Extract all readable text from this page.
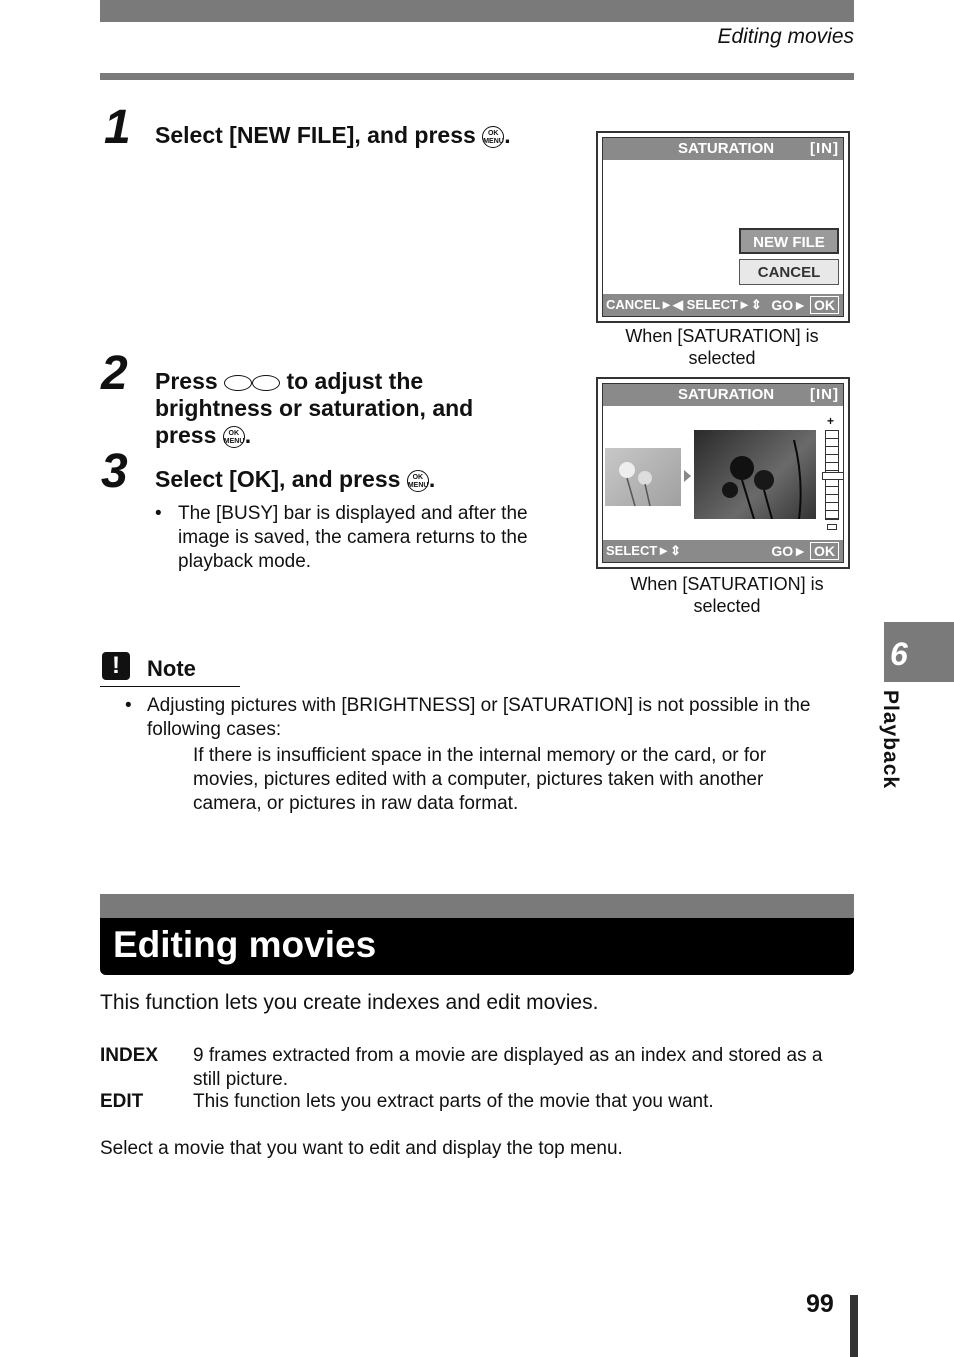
Editing movies
1 Select [NEW FILE], and press OK
MENU.
SATURATION [IN]
NEW FILE
CANCEL
CANCEL►◀ SELECT►⇕ GO► OK
When [SATURATION] is selected
2 Press	to adjust the
brightness or saturation, and
press OK
MENU.
3 Select [OK], and press OK
MENU.
• The [BUSY] bar is displayed and after the image is saved, the camera returns to the playback mode.
SATURATION [IN]
+
SELECT►⇕	GO► OK
When [SATURATION] is selected
!	Note
• Adjusting pictures with [BRIGHTNESS] or [SATURATION] is not possible in the following cases:
If there is insufficient space in the internal memory or the card, or for movies, pictures edited with a computer, pictures taken with another camera, or pictures in raw data format.
Editing movies
This function lets you create indexes and edit movies.
INDEX 9 frames extracted from a movie are displayed as an index and stored as a still picture.
EDIT	This function lets you extract parts of the movie that you want.
Select a movie that you want to edit and display the top menu.
6
Playback
99
